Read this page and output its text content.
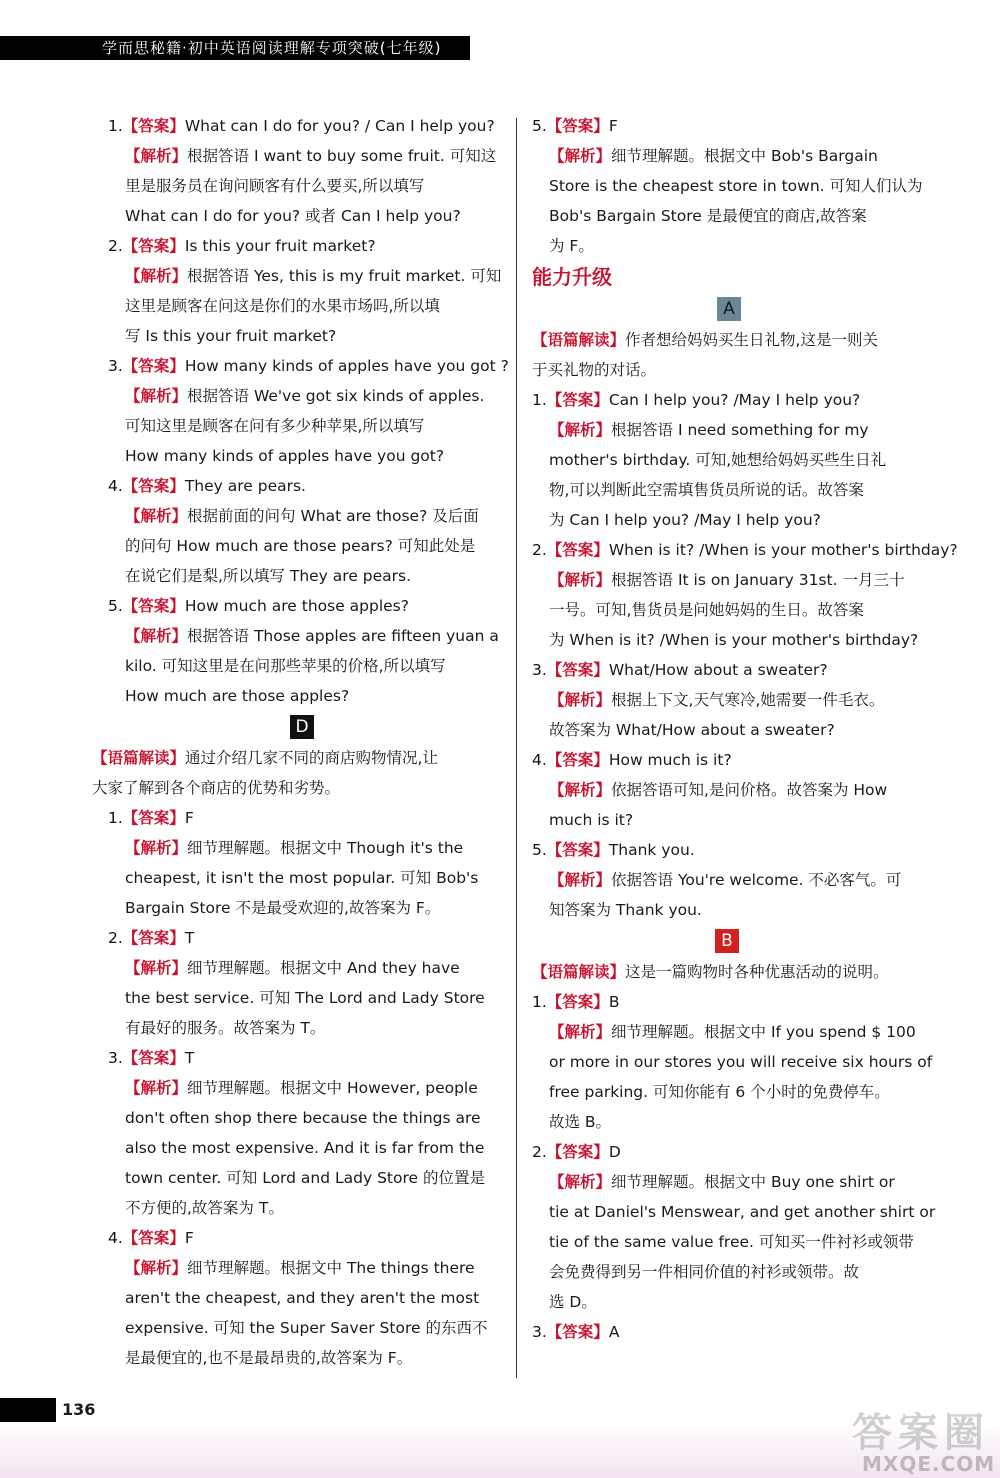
学而思秘籍·初中英语阅读理解专项突破(七年级)
1.【答案】What can I do for you? / Can I help you?
【解析】根据答语 I want to buy some fruit. 可知这
里是服务员在询问顾客有什么要买,所以填写
What can I do for you? 或者 Can I help you?
2.【答案】Is this your fruit market?
【解析】根据答语 Yes, this is my fruit market. 可知
这里是顾客在问这是你们的水果市场吗,所以填
写 Is this your fruit market?
3.【答案】How many kinds of apples have you got ?
【解析】根据答语 We've got six kinds of apples.
可知这里是顾客在问有多少种苹果,所以填写
How many kinds of apples have you got?
4.【答案】They are pears.
【解析】根据前面的问句 What are those? 及后面
的问句 How much are those pears? 可知此处是
在说它们是梨,所以填写 They are pears.
5.【答案】How much are those apples?
【解析】根据答语 Those apples are fifteen yuan a
kilo. 可知这里是在问那些苹果的价格,所以填写
How much are those apples?
D
【语篇解读】通过介绍几家不同的商店购物情况,让
大家了解到各个商店的优势和劣势。
1.【答案】F
【解析】细节理解题。根据文中 Though it's the
cheapest, it isn't the most popular. 可知 Bob's
Bargain Store 不是最受欢迎的,故答案为 F。
2.【答案】T
【解析】细节理解题。根据文中 And they have
the best service. 可知 The Lord and Lady Store
有最好的服务。故答案为 T。
3.【答案】T
【解析】细节理解题。根据文中 However, people
don't often shop there because the things are
also the most expensive. And it is far from the
town center. 可知 Lord and Lady Store 的位置是
不方便的,故答案为 T。
4.【答案】F
【解析】细节理解题。根据文中 The things there
aren't the cheapest, and they aren't the most
expensive. 可知 the Super Saver Store 的东西不
是最便宜的,也不是最昂贵的,故答案为 F。
5.【答案】F
【解析】细节理解题。根据文中 Bob's Bargain
Store is the cheapest store in town. 可知人们认为
Bob's Bargain Store 是最便宜的商店,故答案
为 F。
能力升级
A
【语篇解读】作者想给妈妈买生日礼物,这是一则关
于买礼物的对话。
1.【答案】Can I help you? /May I help you?
【解析】根据答语 I need something for my
mother's birthday. 可知,她想给妈妈买些生日礼
物,可以判断此空需填售货员所说的话。故答案
为 Can I help you? /May I help you?
2.【答案】When is it? /When is your mother's birthday?
【解析】根据答语 It is on January 31st. 一月三十
一号。可知,售货员是问她妈妈的生日。故答案
为 When is it? /When is your mother's birthday?
3.【答案】What/How about a sweater?
【解析】根据上下文,天气寒冷,她需要一件毛衣。
故答案为 What/How about a sweater?
4.【答案】How much is it?
【解析】依据答语可知,是问价格。故答案为 How
much is it?
5.【答案】Thank you.
【解析】依据答语 You're welcome. 不必客气。可
知答案为 Thank you.
B
【语篇解读】这是一篇购物时各种优惠活动的说明。
1.【答案】B
【解析】细节理解题。根据文中 If you spend $ 100
or more in our stores you will receive six hours of
free parking. 可知你能有 6 个小时的免费停车。
故选 B。
2.【答案】D
【解析】细节理解题。根据文中 Buy one shirt or
tie at Daniel's Menswear, and get another shirt or
tie of the same value free. 可知买一件衬衫或领带
会免费得到另一件相同价值的衬衫或领带。故
选 D。
3.【答案】A
136
答案圈
MXQE.COM
